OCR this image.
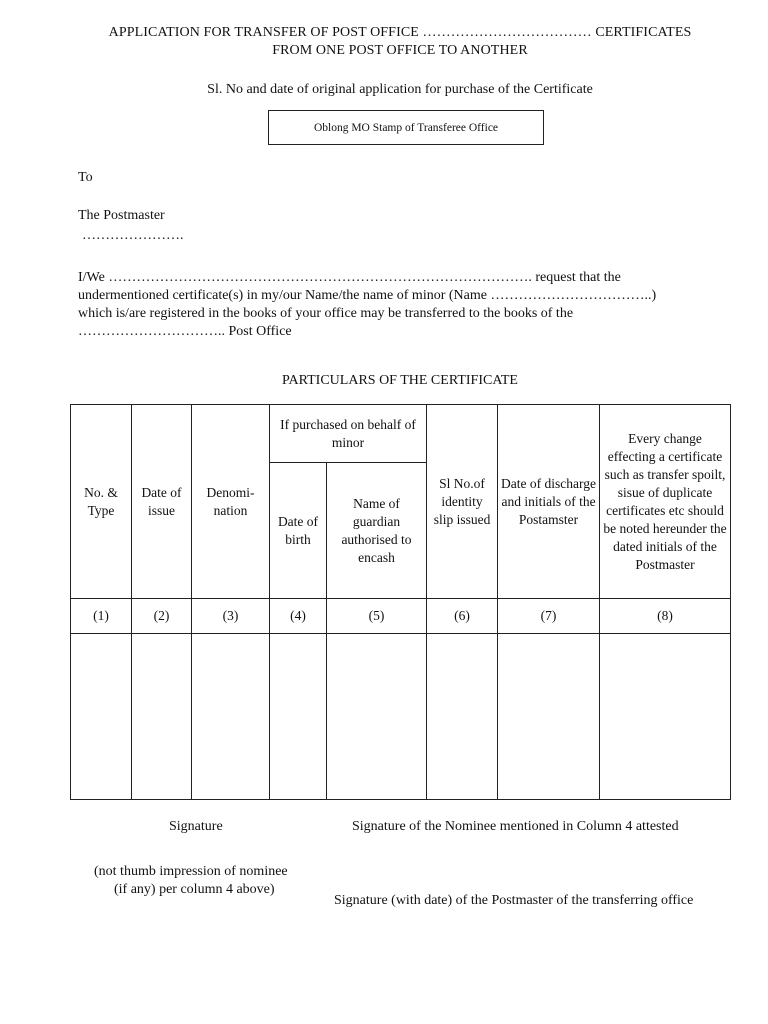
APPLICATION FOR TRANSFER OF POST OFFICE ……………………………… CERTIFICATES
FROM ONE POST OFFICE TO ANOTHER
Sl. No and date of original application for purchase of the Certificate
Oblong MO Stamp of Transferee Office
To
The Postmaster
………………….
I/We ………………………………………………………………………………. request that the
undermentioned certificate(s) in my/our Name/the name of minor (Name ……………………………..)
which is/are registered in the books of your office may be transferred to the books of the
………………………….. Post Office
PARTICULARS OF THE CERTIFICATE
No. & Type	Date of issue	Denomi-nation	If purchased on behalf of minor		Sl No.of identity slip issued	Date of discharge and initials of the Postamster	Every change effecting a certificate such as transfer spoilt, sisue of duplicate certificates etc should be noted hereunder the dated initials of the Postmaster
			Date of birth	Name of guardian authorised to encash			
(1)	(2)	(3)	(4)	(5)	(6)	(7)	(8)

Signature	Signature of the Nominee mentioned in Column 4 attested
(not thumb impression of nominee
(if any) per column 4 above)
Signature (with date) of the Postmaster of the transferring office
